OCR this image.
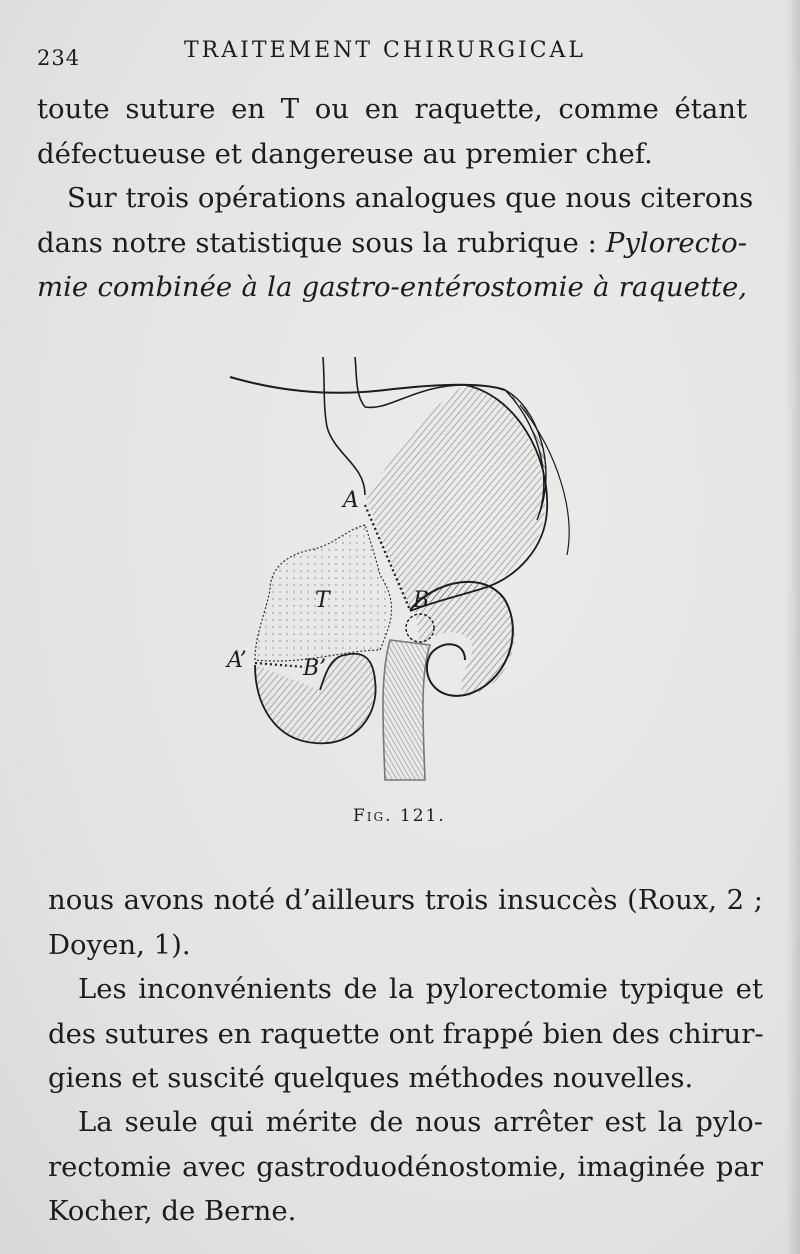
234	TRAITEMENT CHIRURGICAL
toute suture en T ou en raquette, comme étant
défectueuse et dangereuse au premier chef.
Sur trois opérations analogues que nous citerons
dans notre statistique sous la rubrique : Pylorecto-
mie combinée à la gastro-entérostomie à raquette,
A
T	B
A’	B’
Fig. 121.
nous avons noté d’ailleurs trois insuccès (Roux, 2 ;
Doyen, 1).
Les inconvénients de la pylorectomie typique et
des sutures en raquette ont frappé bien des chirur-
giens et suscité quelques méthodes nouvelles.
La seule qui mérite de nous arrêter est la pylo-
rectomie avec gastroduodénostomie, imaginée par
Kocher, de Berne.
